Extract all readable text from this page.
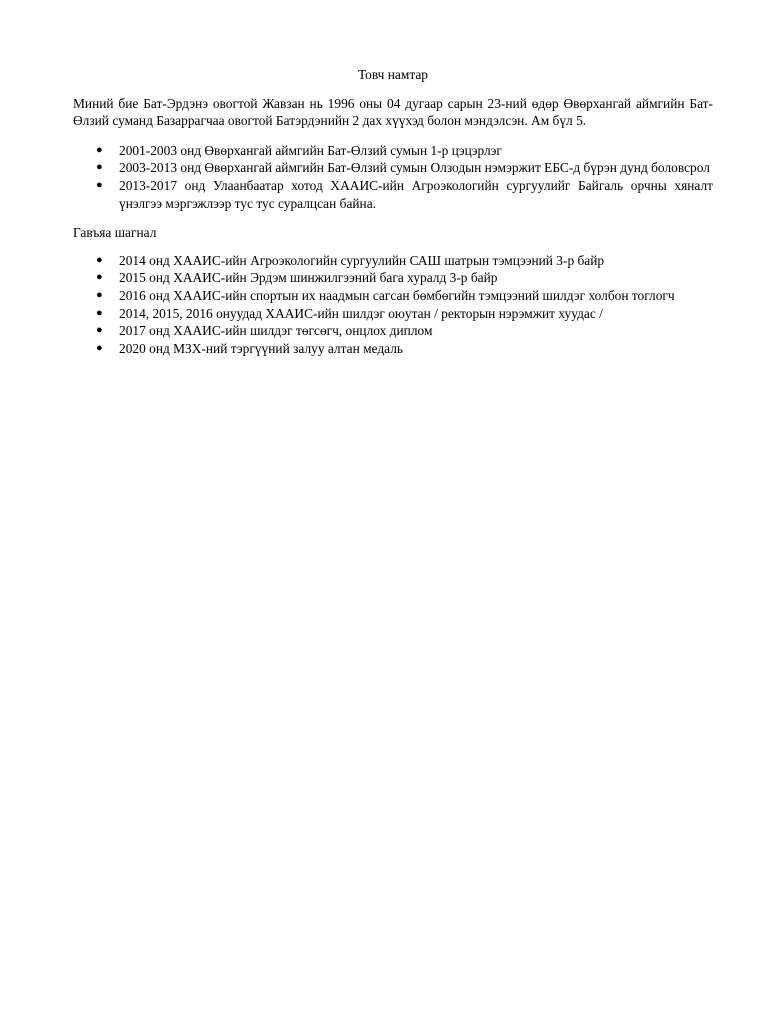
Товч намтар

Миний бие Бат-Эрдэнэ овогтой Жавзан нь 1996 оны 04 дугаар сарын 23-ний өдөр Өвөрхангай аймгийн Бат-Өлзий суманд Базаррагчаа овогтой Батэрдэнийн 2 дах хүүхэд болон мэндэлсэн. Ам бүл 5.

● 2001-2003 онд Өвөрхангай аймгийн Бат-Өлзий сумын 1-р цэцэрлэг
● 2003-2013 онд Өвөрхангай аймгийн Бат-Өлзий сумын Олзодын нэмэржит ЕБС-д бүрэн дунд боловсрол
● 2013-2017 онд Улаанбаатар хотод ХААИС-ийн Агроэкологийн сургуулийг Байгаль орчны хяналт үнэлгээ мэргэжлээр тус тус суралцсан байна.
Гавъяа шагнал
● 2014 онд ХААИС-ийн Агроэкологийн сургуулийн САШ шатрын тэмцээний 3-р байр
● 2015 онд ХААИС-ийн Эрдэм шинжилгээний бага хуралд 3-р байр
● 2016 онд ХААИС-ийн спортын их наадмын сагсан бөмбөгийн тэмцээний шилдэг холбон тоглогч
● 2014, 2015, 2016 онуудад ХААИС-ийн шилдэг оюутан / ректорын нэрэмжит хуудас /
● 2017 онд ХААИС-ийн шилдэг төгсөгч, онцлох диплом
● 2020 онд МЗХ-ний тэргүүний залуу алтан медаль
